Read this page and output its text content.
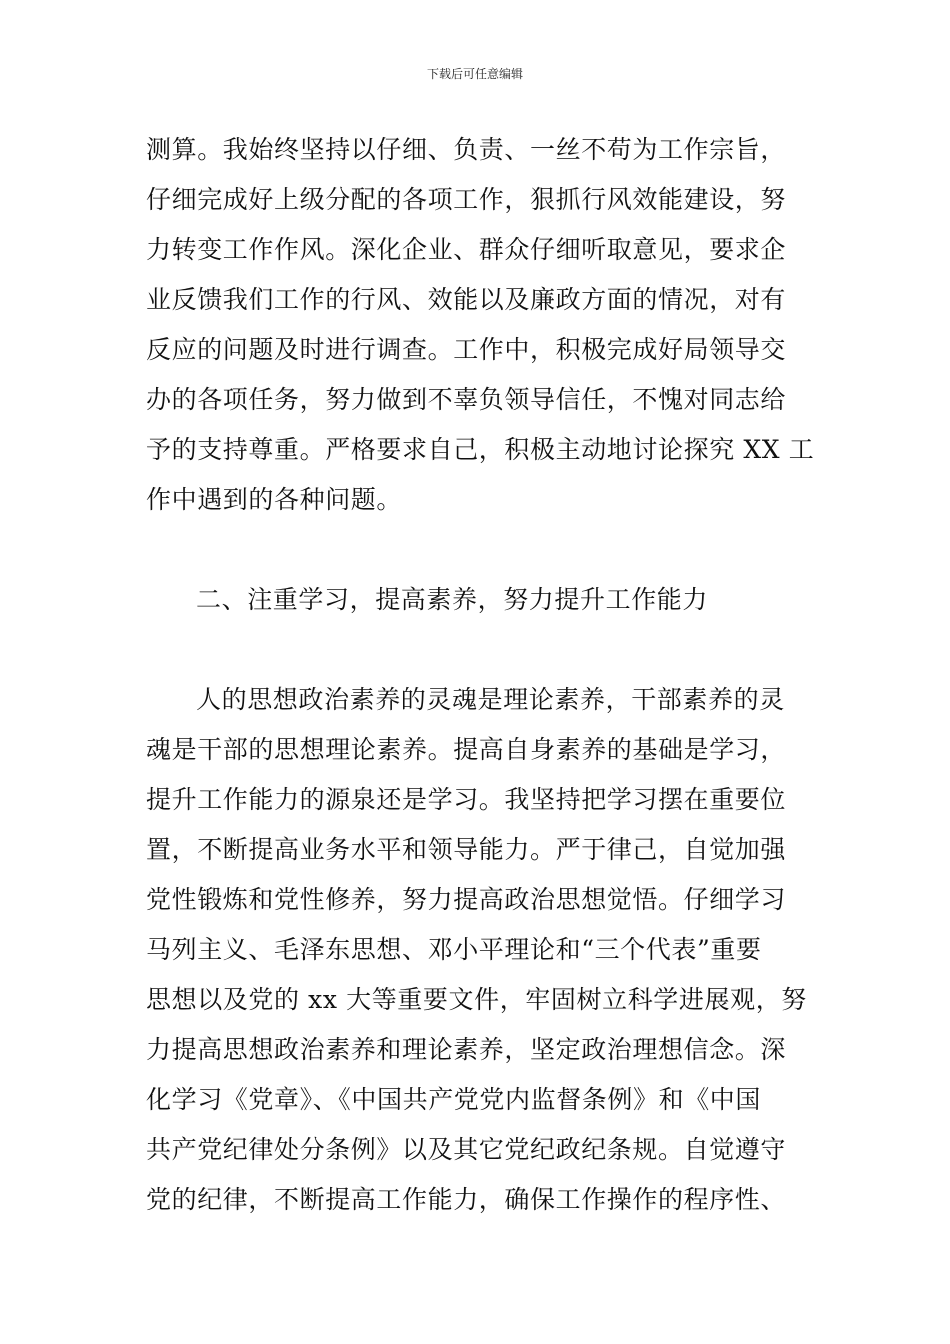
下载后可任意编辑
测算。我始终坚持以仔细、负责、一丝不苟为工作宗旨，
仔细完成好上级分配的各项工作，狠抓行风效能建设，努
力转变工作作风。深化企业、群众仔细听取意见，要求企
业反馈我们工作的行风、效能以及廉政方面的情况，对有
反应的问题及时进行调查。工作中，积极完成好局领导交
办的各项任务，努力做到不辜负领导信任，不愧对同志给
予的支持尊重。严格要求自己，积极主动地讨论探究 XX 工
作中遇到的各种问题。
二、注重学习，提高素养，努力提升工作能力
人的思想政治素养的灵魂是理论素养，干部素养的灵
魂是干部的思想理论素养。提高自身素养的基础是学习，
提升工作能力的源泉还是学习。我坚持把学习摆在重要位
置，不断提高业务水平和领导能力。严于律己，自觉加强
党性锻炼和党性修养，努力提高政治思想觉悟。仔细学习
马列主义、毛泽东思想、邓小平理论和“三个代表”重要
思想以及党的 xx 大等重要文件，牢固树立科学进展观，努
力提高思想政治素养和理论素养，坚定政治理想信念。深
化学习《党章》、《中国共产党党内监督条例》和《中国
共产党纪律处分条例》以及其它党纪政纪条规。自觉遵守
党的纪律，不断提高工作能力，确保工作操作的程序性、
